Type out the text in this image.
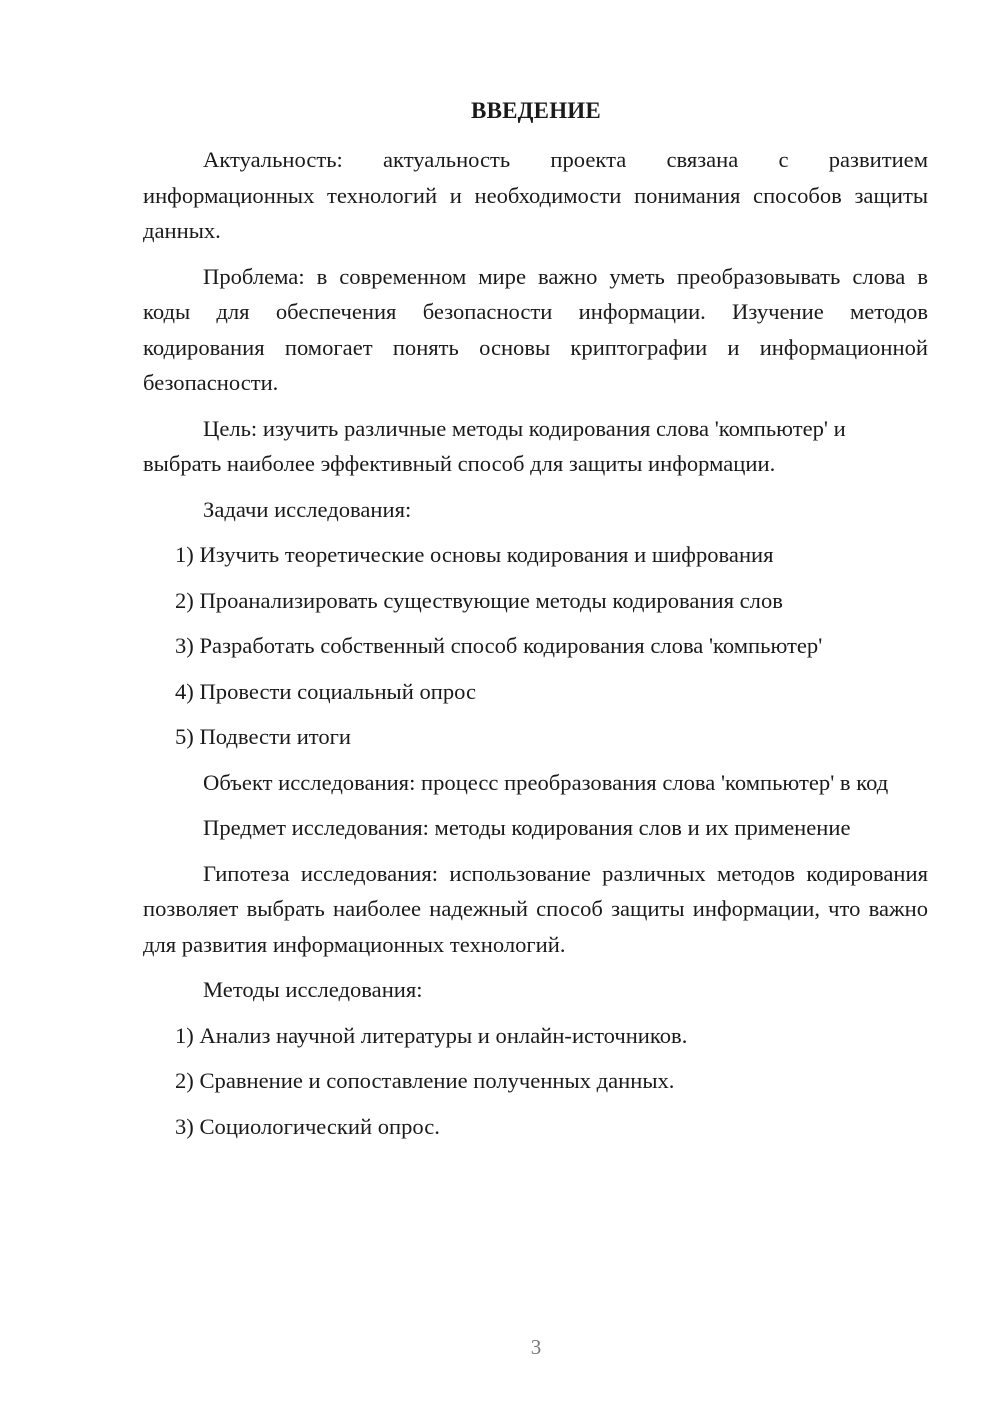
ВВЕДЕНИЕ

Актуальность: актуальность проекта связана с развитием информационных технологий и необходимости понимания способов защиты данных.

Проблема: в современном мире важно уметь преобразовывать слова в коды для обеспечения безопасности информации. Изучение методов кодирования помогает понять основы криптографии и информационной безопасности.

Цель: изучить различные методы кодирования слова 'компьютер' и выбрать наиболее эффективный способ для защиты информации.

Задачи исследования:

1) Изучить теоретические основы кодирования и шифрования

2) Проанализировать существующие методы кодирования слов

3) Разработать собственный способ кодирования слова 'компьютер'

4) Провести социальный опрос

5) Подвести итоги

Объект исследования: процесс преобразования слова 'компьютер' в код

Предмет исследования: методы кодирования слов и их применение

Гипотеза исследования: использование различных методов кодирования позволяет выбрать наиболее надежный способ защиты информации, что важно для развития информационных технологий.

Методы исследования:

1) Анализ научной литературы и онлайн-источников.

2) Сравнение и сопоставление полученных данных.

3) Социологический опрос.

3
